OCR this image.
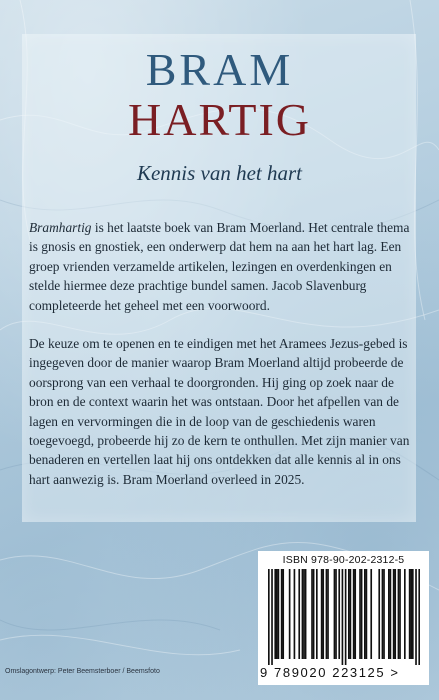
BRAM
HARTIG
Kennis van het hart

Bramhartig is het laatste boek van Bram Moerland. Het centrale thema is gnosis en gnostiek, een onderwerp dat hem na aan het hart lag. Een groep vrienden verzamelde artikelen, lezingen en overdenkingen en stelde hiermee deze prachtige bundel samen. Jacob Slavenburg completeerde het geheel met een voorwoord.

De keuze om te openen en te eindigen met het Aramees Jezus-gebed is ingegeven door de manier waarop Bram Moerland altijd probeerde de oorsprong van een verhaal te doorgronden. Hij ging op zoek naar de bron en de context waarin het was ontstaan. Door het afpellen van de lagen en vervormingen die in de loop van de geschiedenis waren toegevoegd, probeerde hij zo de kern te onthullen. Met zijn manier van benaderen en vertellen laat hij ons ontdekken dat alle kennis al in ons hart aanwezig is. Bram Moerland overleed in 2025.

ISBN 978-90-202-2312-5
9 789020 223125 >
Omslagontwerp: Peter Beemsterboer / Beemsfoto
